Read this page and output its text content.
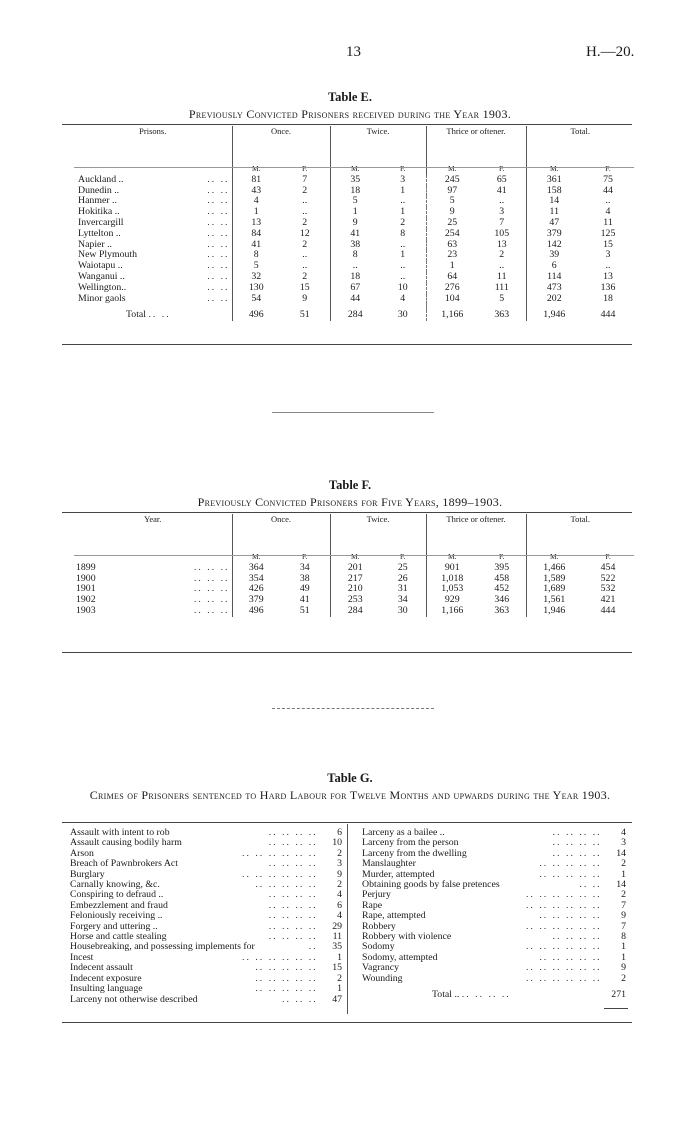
13	H.—20.
Table E.
Previously Convicted Prisoners received during the Year 1903.
Prisons.	Once.		Twice.		Thrice or oftener.		Total.	
	M.	F.	M.	F.	M.	F.	M.	F.
Auckland .. .. ..	81	7	35	3	245	65	361	75
Dunedin .. .. ..	43	2	18	1	97	41	158	44
Hanmer .. .. ..	4	..	5	..	5	..	14	..
Hokitika .. .. ..	1	..	1	1	9	3	11	4
Invercargill .. ..	13	2	9	2	25	7	47	11
Lyttelton .. .. ..	84	12	41	8	254	105	379	125
Napier .. .. ..	41	2	38	..	63	13	142	15
New Plymouth .. ..	8	..	8	1	23	2	39	3
Waiotapu .. .. ..	5	..	..	..	1	..	6	..
Wanganui .. .. ..	32	2	18	..	64	11	114	13
Wellington.. .. ..	130	15	67	10	276	111	473	136
Minor gaols .. ..	54	9	44	4	104	5	202	18

Total .. ..	496	51	284	30	1,166	363	1,946	444
Table F.
Previously Convicted Prisoners for Five Years, 1899–1903.
Year.	Once.		Twice.		Thrice or oftener.		Total.	
	M.	F.	M.	F.	M.	F.	M.	F.
1899 .. .. ..	364	34	201	25	901	395	1,466	454
1900 .. .. ..	354	38	217	26	1,018	458	1,589	522
1901 .. .. ..	426	49	210	31	1,053	452	1,689	532
1902 .. .. ..	379	41	253	34	929	346	1,561	421
1903 .. .. ..	496	51	284	30	1,166	363	1,946	444
Table G.
Crimes of Prisoners sentenced to Hard Labour for Twelve Months and upwards during the Year 1903.
Assault with intent to rob .. .. .. ..	6
Assault causing bodily harm .. .. .. ..	10
Arson .. .. .. .. .. ..	2
Breach of Pawnbrokers Act .. .. .. ..	3
Burglary .. .. .. .. .. ..	9
Carnally knowing, &c. .. .. .. .. ..	2
Conspiring to defraud .. .. .. .. ..	4
Embezzlement and fraud .. .. .. ..	6
Feloniously receiving .. .. .. .. ..	4
Forgery and uttering .. .. .. .. ..	29
Horse and cattle stealing .. .. .. ..	11
Housebreaking, and possessing implements for ..	35
Incest .. .. .. .. .. ..	1
Indecent assault .. .. .. .. ..	15
Indecent exposure .. .. .. .. ..	2
Insulting language .. .. .. .. ..	1
Larceny not otherwise described .. .. ..	47
Larceny as a bailee .. .. .. .. ..	4
Larceny from the person .. .. .. ..	3
Larceny from the dwelling .. .. .. ..	14
Manslaughter .. .. .. .. ..	2
Murder, attempted .. .. .. .. ..	1
Obtaining goods by false pretences .. ..	14
Perjury .. .. .. .. .. ..	2
Rape .. .. .. .. .. ..	7
Rape, attempted .. .. .. .. ..	9
Robbery .. .. .. .. .. ..	7
Robbery with violence .. .. .. ..	8
Sodomy .. .. .. .. .. ..	1
Sodomy, attempted .. .. .. .. ..	1
Vagrancy .. .. .. .. .. ..	9
Wounding .. .. .. .. .. ..	2

Total .. .. .. .. ..	271
